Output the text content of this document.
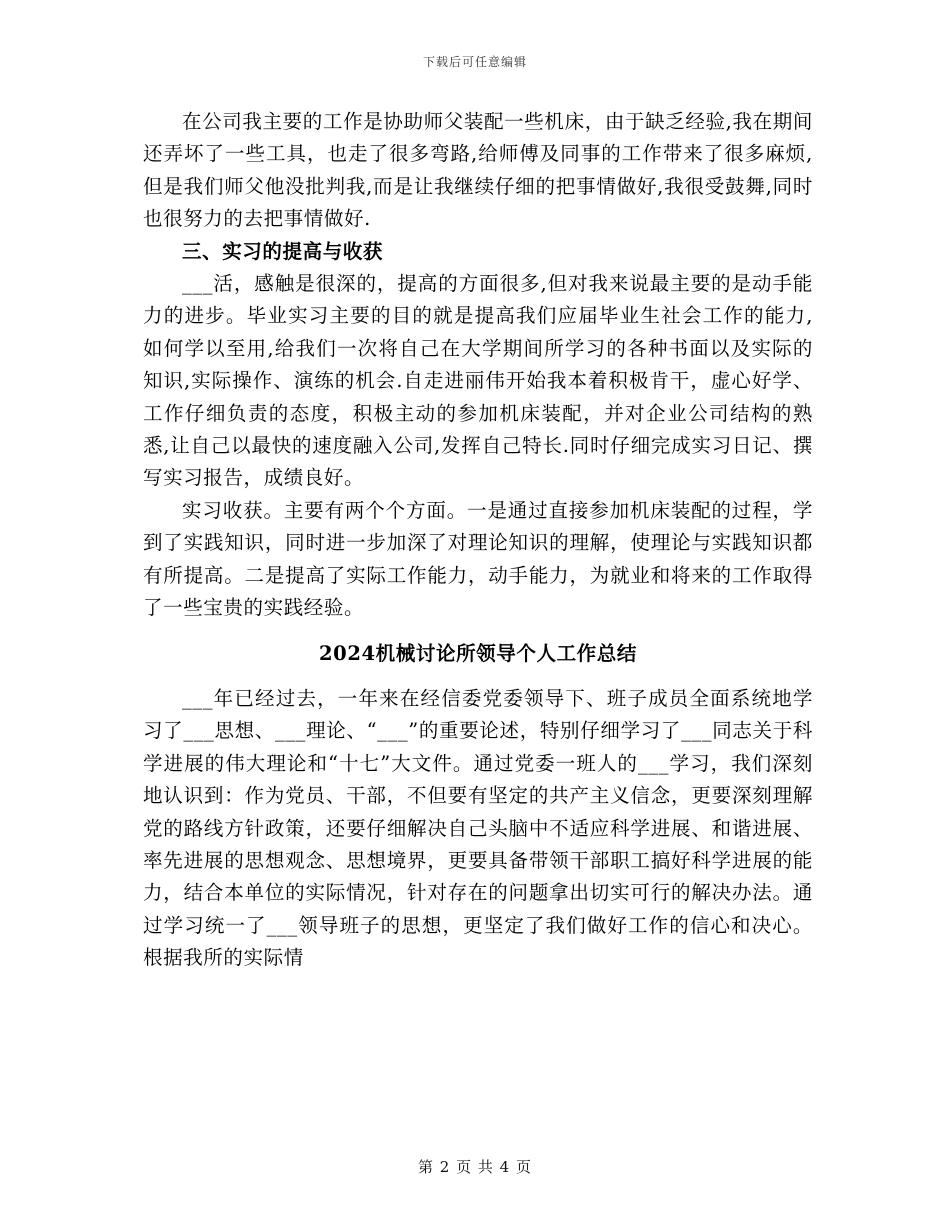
下载后可任意编辑

在公司我主要的工作是协助师父装配一些机床，由于缺乏经验,我在期间还弄坏了一些工具，也走了很多弯路,给师傅及同事的工作带来了很多麻烦,但是我们师父他没批判我,而是让我继续仔细的把事情做好,我很受鼓舞,同时也很努力的去把事情做好.

三、实习的提高与收获

___活，感触是很深的，提高的方面很多,但对我来说最主要的是动手能力的进步。毕业实习主要的目的就是提高我们应届毕业生社会工作的能力,如何学以至用,给我们一次将自己在大学期间所学习的各种书面以及实际的知识,实际操作、演练的机会.自走进丽伟开始我本着积极肯干，虚心好学、工作仔细负责的态度，积极主动的参加机床装配，并对企业公司结构的熟悉,让自己以最快的速度融入公司,发挥自己特长.同时仔细完成实习日记、撰写实习报告，成绩良好。

实习收获。主要有两个个方面。一是通过直接参加机床装配的过程，学到了实践知识，同时进一步加深了对理论知识的理解，使理论与实践知识都有所提高。二是提高了实际工作能力，动手能力，为就业和将来的工作取得了一些宝贵的实践经验。

2024机械讨论所领导个人工作总结

___年已经过去，一年来在经信委党委领导下、班子成员全面系统地学习了___思想、___理论、“___”的重要论述，特别仔细学习了___同志关于科学进展的伟大理论和“十七”大文件。通过党委一班人的___学习，我们深刻地认识到：作为党员、干部，不但要有坚定的共产主义信念，更要深刻理解党的路线方针政策，还要仔细解决自己头脑中不适应科学进展、和谐进展、率先进展的思想观念、思想境界，更要具备带领干部职工搞好科学进展的能力，结合本单位的实际情况，针对存在的问题拿出切实可行的解决办法。通过学习统一了___领导班子的思想，更坚定了我们做好工作的信心和决心。根据我所的实际情

第 2 页 共 4 页
